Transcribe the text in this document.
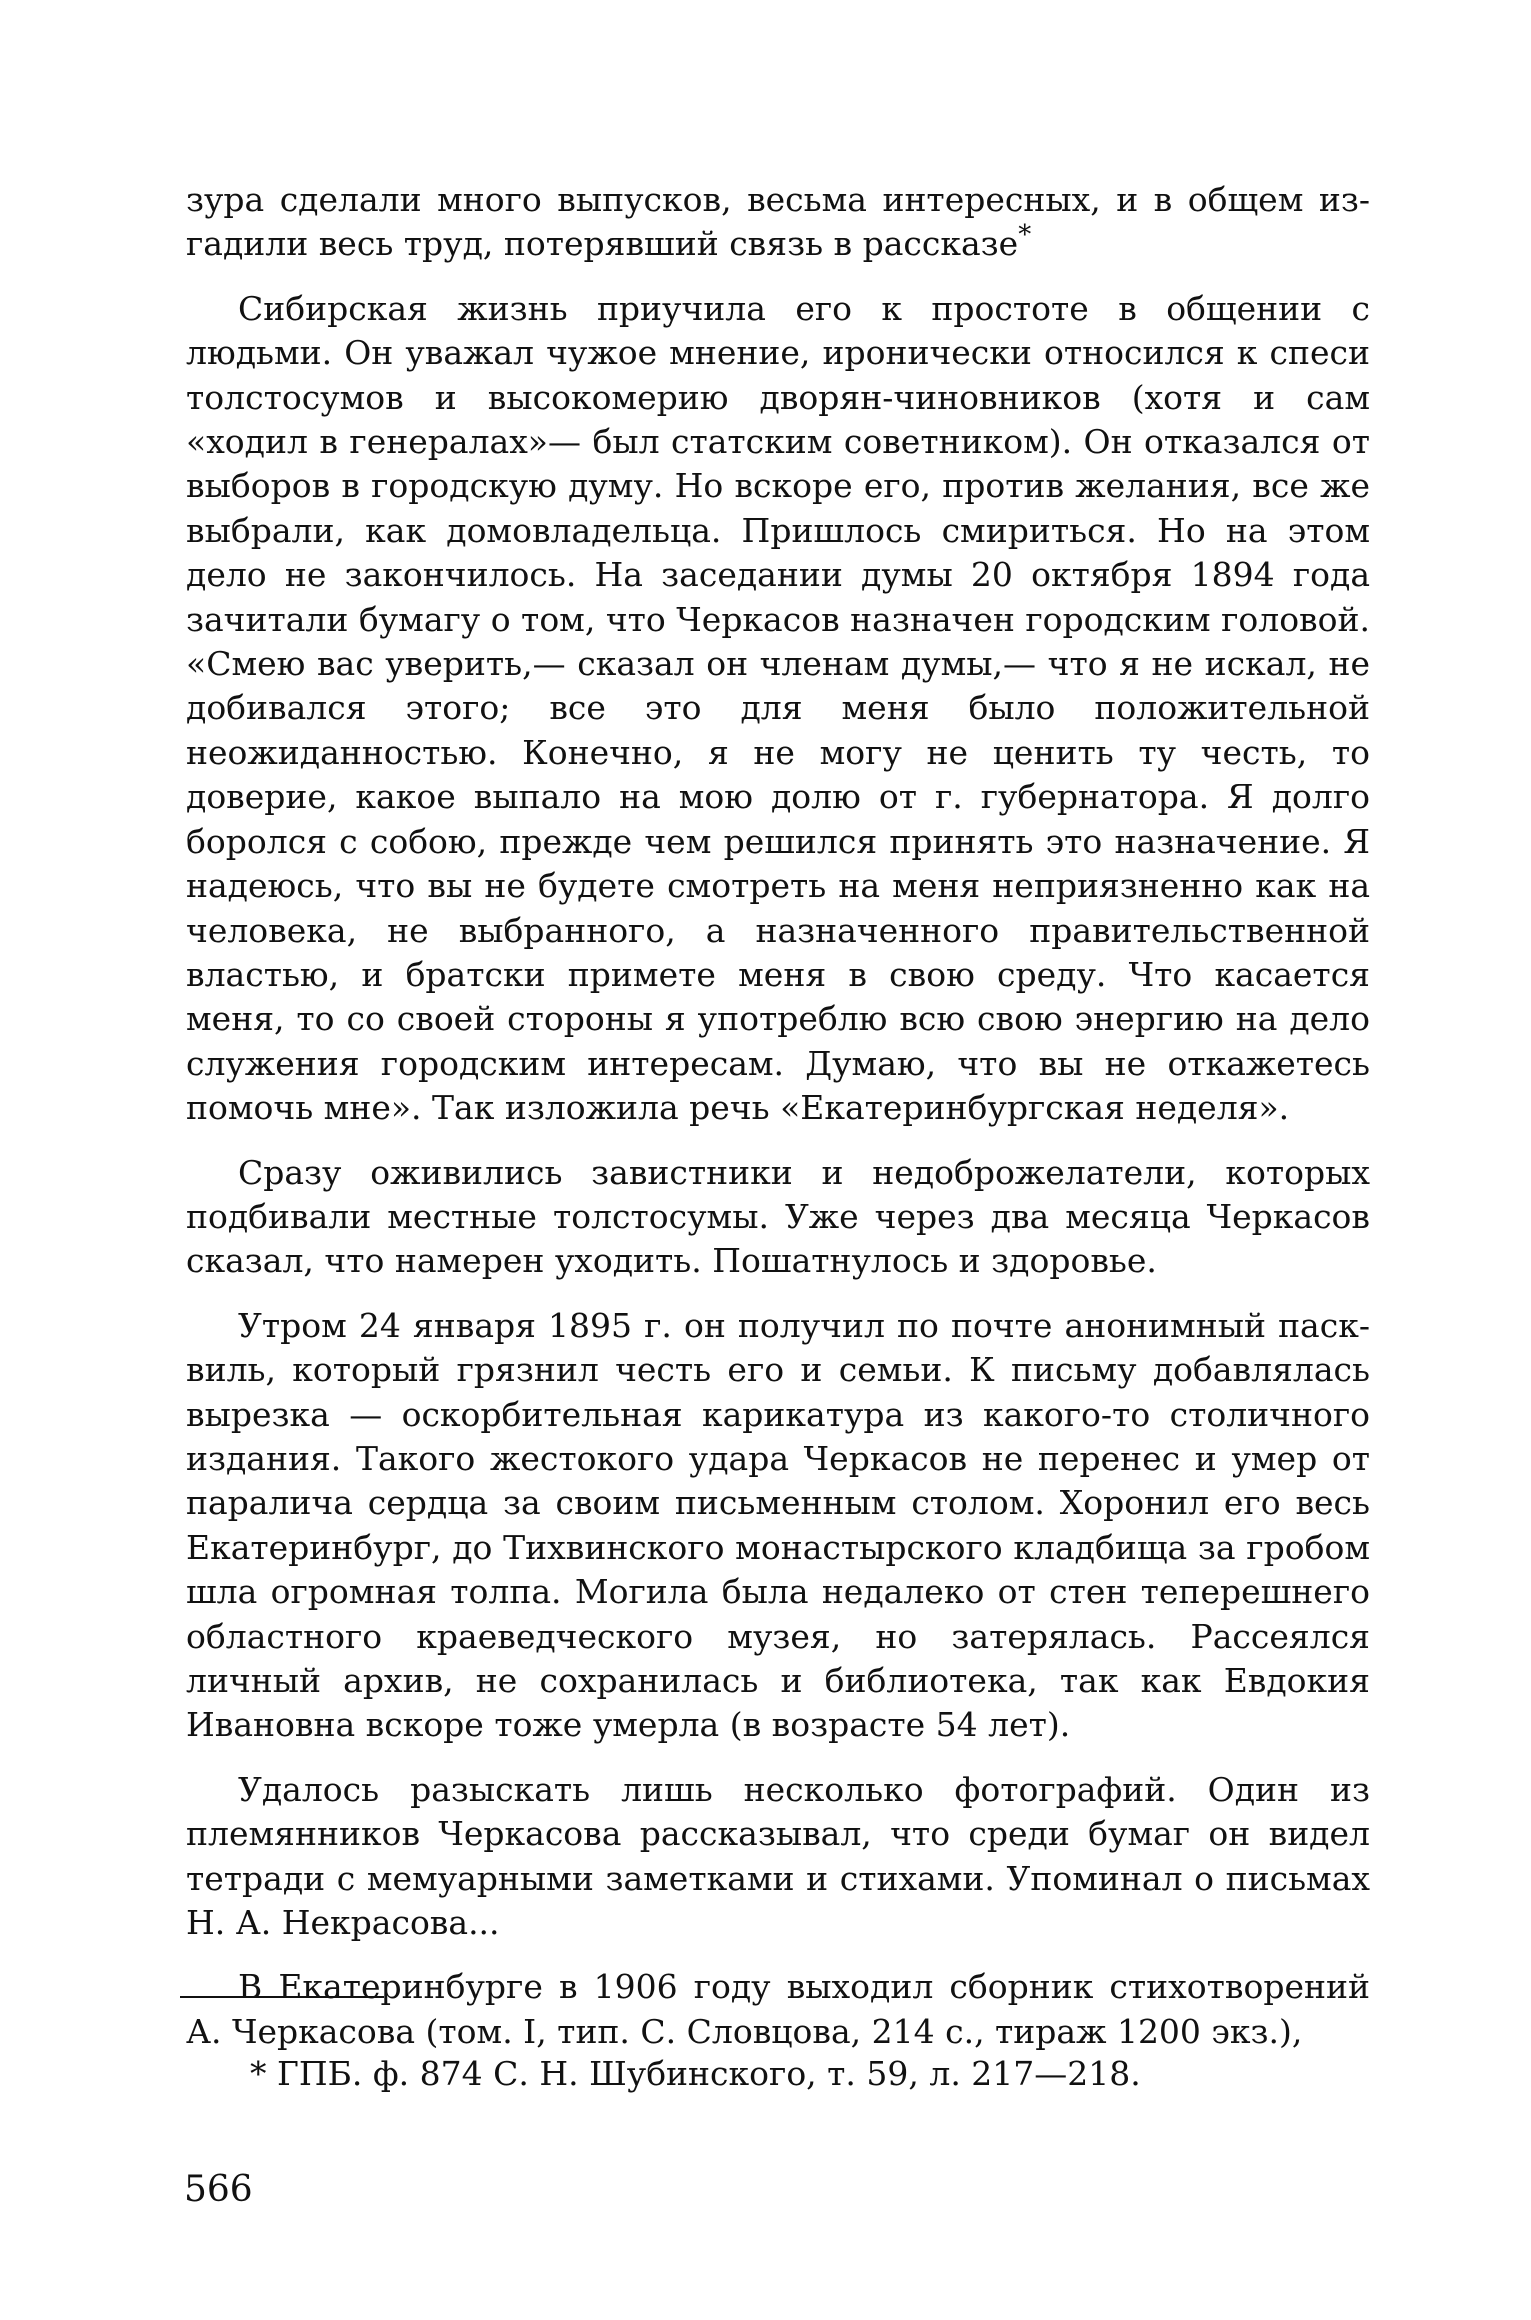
зура сделали много выпусков, весьма интересных, и в общем изгадили весь труд, потерявший связь в рассказе*

Сибирская жизнь приучила его к простоте в общении с людьми. Он уважал чужое мнение, иронически относился к спеси толстосумов и высокомерию дворян-чиновников (хотя и сам «ходил в генералах»— был статским советником). Он отказался от выборов в городскую думу. Но вскоре его, против желания, все же выбрали, как домовладельца. Пришлось смириться. Но на этом дело не закончилось. На заседании думы 20 октября 1894 года зачитали бумагу о том, что Черкасов назначен городским головой. «Смею вас уверить,— сказал он членам думы,— что я не искал, не добивался этого; все это для меня было положительной неожиданностью. Конечно, я не могу не ценить ту честь, то доверие, какое выпало на мою долю от г. губернатора. Я долго боролся с собою, прежде чем решился принять это назначение. Я надеюсь, что вы не будете смотреть на меня неприязненно как на человека, не выбранного, а назначенного правительственной властью, и братски примете меня в свою среду. Что касается меня, то со своей стороны я употреблю всю свою энергию на дело служения городским интересам. Думаю, что вы не откажетесь помочь мне». Так изложила речь «Екатеринбургская неделя».

Сразу оживились завистники и недоброжелатели, которых подбивали местные толстосумы. Уже через два месяца Черкасов сказал, что намерен уходить. Пошатнулось и здоровье.

Утром 24 января 1895 г. он получил по почте анонимный пасквиль, который грязнил честь его и семьи. К письму добавлялась вырезка — оскорбительная карикатура из какого-то столичного издания. Такого жестокого удара Черкасов не перенес и умер от паралича сердца за своим письменным столом. Хоронил его весь Екатеринбург, до Тихвинского монастырского кладбища за гробом шла огромная толпа. Могила была недалеко от стен теперешнего областного краеведческого музея, но затерялась. Рассеялся личный архив, не сохранилась и библиотека, так как Евдокия Ивановна вскоре тоже умерла (в возрасте 54 лет).

Удалось разыскать лишь несколько фотографий. Один из племянников Черкасова рассказывал, что среди бумаг он видел тетради с мемуарными заметками и стихами. Упоминал о письмах Н. А. Некрасова...

В Екатеринбурге в 1906 году выходил сборник стихотворений А. Черкасова (том. I, тип. С. Словцова, 214 с., тираж 1200 экз.),

* ГПБ. ф. 874 С. Н. Шубинского, т. 59, л. 217—218.
566
